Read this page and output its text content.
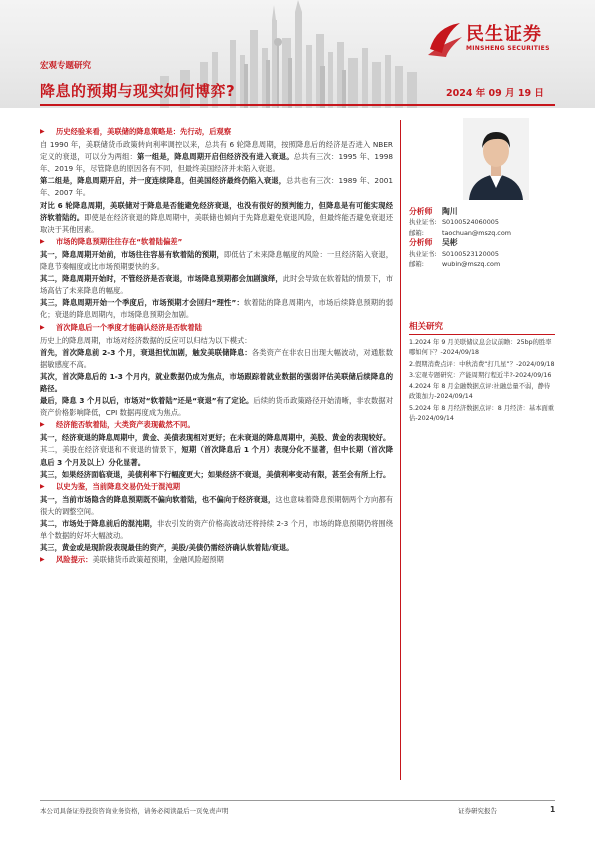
民生证券
MINSHENG SECURITIES
宏观专题研究
降息的预期与现实如何博弈?	2024 年 09 月 19 日

▶ 历史经验来看，美联储的降息策略是：先行动，后观察

自 1990 年，美联储货币政策转向利率调控以来，总共有 6 轮降息周期，按照降息后的经济是否进入 NBER 定义的衰退，可以分为两组：第一组是，降息周期开启但经济没有进入衰退。总共有三次：1995 年、1998 年、2019 年，尽管降息的原因各有不同，但最终美国经济并未陷入衰退。

第二组是，降息周期开启，并一度连续降息，但美国经济最终仍陷入衰退，总共也有三次：1989 年、2001 年、2007 年。

对比 6 轮降息周期，美联储对于降息是否能避免经济衰退，也没有很好的预判能力，但降息是有可能实现经济软着陆的。即使是在经济衰退的降息周期中，美联储也倾向于先降息避免衰退风险，但最终能否避免衰退还取决于其他因素。

▶ 市场的降息预期往往存在“软着陆偏差”

其一，降息周期开始前，市场往往容易有软着陆的预期，即低估了未来降息幅度的风险：一旦经济陷入衰退，降息节奏幅度或比市场预期要快的多。

其二，降息周期开始时，不管经济是否衰退，市场降息预期都会加剧演绎，此时会导致在软着陆的情景下，市场高估了未来降息的幅度。

其三，降息周期开始一个季度后，市场预期才会回归“理性”：软着陆的降息周期内，市场后续降息预期的弱化；衰退的降息周期内，市场降息预期会加剧。

▶ 首次降息后一个季度才能确认经济是否软着陆

历史上的降息周期，市场对经济数据的反应可以归结为以下模式：

首先，首次降息前 2-3 个月，衰退担忧加剧，触发美联储降息：各类资产在非农日出现大幅波动，对通胀数据敏感度不高。

其次，首次降息后的 1-3 个月内，就业数据仍成为焦点，市场跟踪着就业数据的强弱评估美联储后续降息的路径。

最后，降息 3 个月以后，市场对“软着陆”还是“衰退”有了定论。后续的货币政策路径开始清晰，非农数据对资产价格影响降低，CPI 数据再度成为焦点。

▶ 经济能否软着陆，大类资产表现截然不同。

其一，经济衰退的降息周期中，黄金、美债表现相对更好；在未衰退的降息周期中，美股、黄金的表现较好。

其二，美股在经济衰退和不衰退的情景下，短期（首次降息后 1 个月）表现分化不显著，但中长期（首次降息后 3 个月及以上）分化显著。

其三，如果经济面临衰退，美债利率下行幅度更大；如果经济不衰退，美债利率变动有限，甚至会有所上行。

▶ 以史为鉴，当前降息交易仍处于混沌期

其一，当前市场隐含的降息预期既不偏向软着陆，也不偏向于经济衰退，这也意味着降息预期朝两个方向都有很大的调整空间。

其二，市场处于降息前后的混沌期，非农引发的资产价格高波动还将持续 2-3 个月，市场的降息预期仍将围绕单个数据的好坏大幅波动。

其三，黄金或是现阶段表现最佳的资产，美股/美债仍需经济确认软着陆/衰退。

▶ 风险提示：美联储货币政策超预期，金融风险超预期

分析师	陶川
执业证书: S0100524060005
邮箱:	taochuan@mszq.com
分析师	吴彬
执业证书: S0100523120005
邮箱:	wubin@mszq.com
相关研究
1.2024 年 9 月美联储议息会议前瞻：25bp的胜率哪如何下？-2024/09/18
2.假期消费点评：中秋消费“打几星”？-2024/09/18
3.宏观专题研究：产能周期行程近半?-2024/09/16
4.2024 年 8 月金融数据点评:社融总量不弱，静待政策加力-2024/09/14
5.2024 年 8 月经济数据点评：8 月经济：基本面重估-2024/09/14
本公司具备证券投资咨询业务资格，请务必阅读最后一页免责声明	证券研究报告	1
